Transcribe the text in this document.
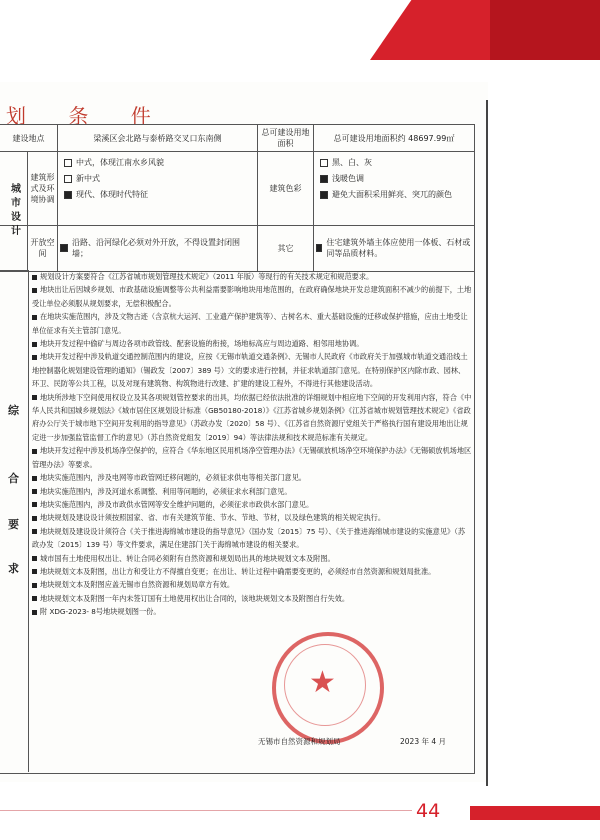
划 条 件
建设地点	梁溪区会北路与泰桥路交叉口东南侧
总可建设用地面积
总可建设用地面积约 48697.99㎡
建筑形式及环境协调
中式，体现江南水乡风貌
新中式
现代、体现时代特征
建筑色彩
黑、白、灰
浅暖色调
避免大面积采用鲜亮、突兀的颜色
开放空间
沿路、沿河绿化必须对外开放，不得设置封闭围墙；
其它
住宅建筑外墙主体应使用一体板、石材或同等品质材料。
城市设计
综
合
要
求
规划设计方案要符合《江苏省城市规划管理技术规定》（2011 年版）等现行的有关技术规定和规范要求。
地块出让后因城乡规划、市政基础设施调整等公共利益需要影响地块用地范围的，在政府确保地块开发总建筑面积不减少的前提下，土地受让单位必须服从规划要求，无偿积极配合。
在地块实施范围内，涉及文物古迹（含京杭大运河、工业遗产保护建筑等）、古树名木、重大基础设施的迁移或保护措施，应由土地受让单位征求有关主管部门意见。
地块开发过程中偷矿与周边各项市政管线、配套设施的衔接，场地标高应与周边道路、相邻用地协调。
地块开发过程中涉及轨道交通控制范围内的建设，应按《无锡市轨道交通条例》、无锡市人民政府《市政府关于加强城市轨道交通沿线土地控制器化规划建设管理的通知》（锡政发〔2007〕389 号）文的要求进行控制，并征求轨道部门意见。在特别保护区内除市政、园林、环卫、民防等公共工程，以及对现有建筑物、构筑物进行改建、扩建的建设工程外，不得进行其他建设活动。
地块所涉地下空间使用权设立及其各项规划管控要求的出具，均依据已经依法批准的详细规划中相应地下空间的开发利用内容，符合《中华人民共和国城乡规划法》《城市居住区规划设计标准（GB50180-2018）》《江苏省城乡规划条例》《江苏省城市规划管理技术规定》《省政府办公厅关于城市地下空间开发利用的指导意见》（苏政办发〔2020〕58 号）、《江苏省自然资源厅党组关于严格执行国有建设用地出让规定进一步加强监管监督工作的意见》（苏自然资党组发〔2019〕94）等法律法规和技术规范标准有关规定。
地块开发过程中涉及机场净空保护的，应符合《华东地区民用机场净空管理办法》《无锡硕放机场净空环境保护办法》《无锡硕放机场地区管理办法》等要求。
地块实施范围内，涉及电网等市政管网迁移问题的，必须征求供电等相关部门意见。
地块实施范围内，涉及河道水系调整、利用等问题的，必须征求水利部门意见。
地块实施范围内，涉及市政供水管网等安全维护问题的，必须征求市政供水部门意见。
地块规划及建设设计须按照国家、省、市有关建筑节能、节水、节地、节材，以及绿色建筑的相关规定执行。
地块规划及建设设计须符合《关于推进海绵城市建设的指导意见》（国办发〔2015〕75 号）、《关于推进海绵城市建设的实施意见》（苏政办发〔2015〕139 号）等文件要求，满足住建部门关于海绵城市建设的相关要求。
城市国有土地使用权出让、转让合同必须附有自然资源和规划局出具的地块规划文本及附图。
地块规划文本及附图，出让方和受让方不得擅自变更；在出让、转让过程中确需要变更的，必须经市自然资源和规划局批准。
地块规划文本及附图应盖无锡市自然资源和规划局章方有效。
地块规划文本及附图一年内未签订国有土地使用权出让合同的，该地块规划文本及附图自行失效。
附 XDG-2023- 8号地块规划图一份。
★
无锡市自然资源和规划局	2023 年 4 月
44
